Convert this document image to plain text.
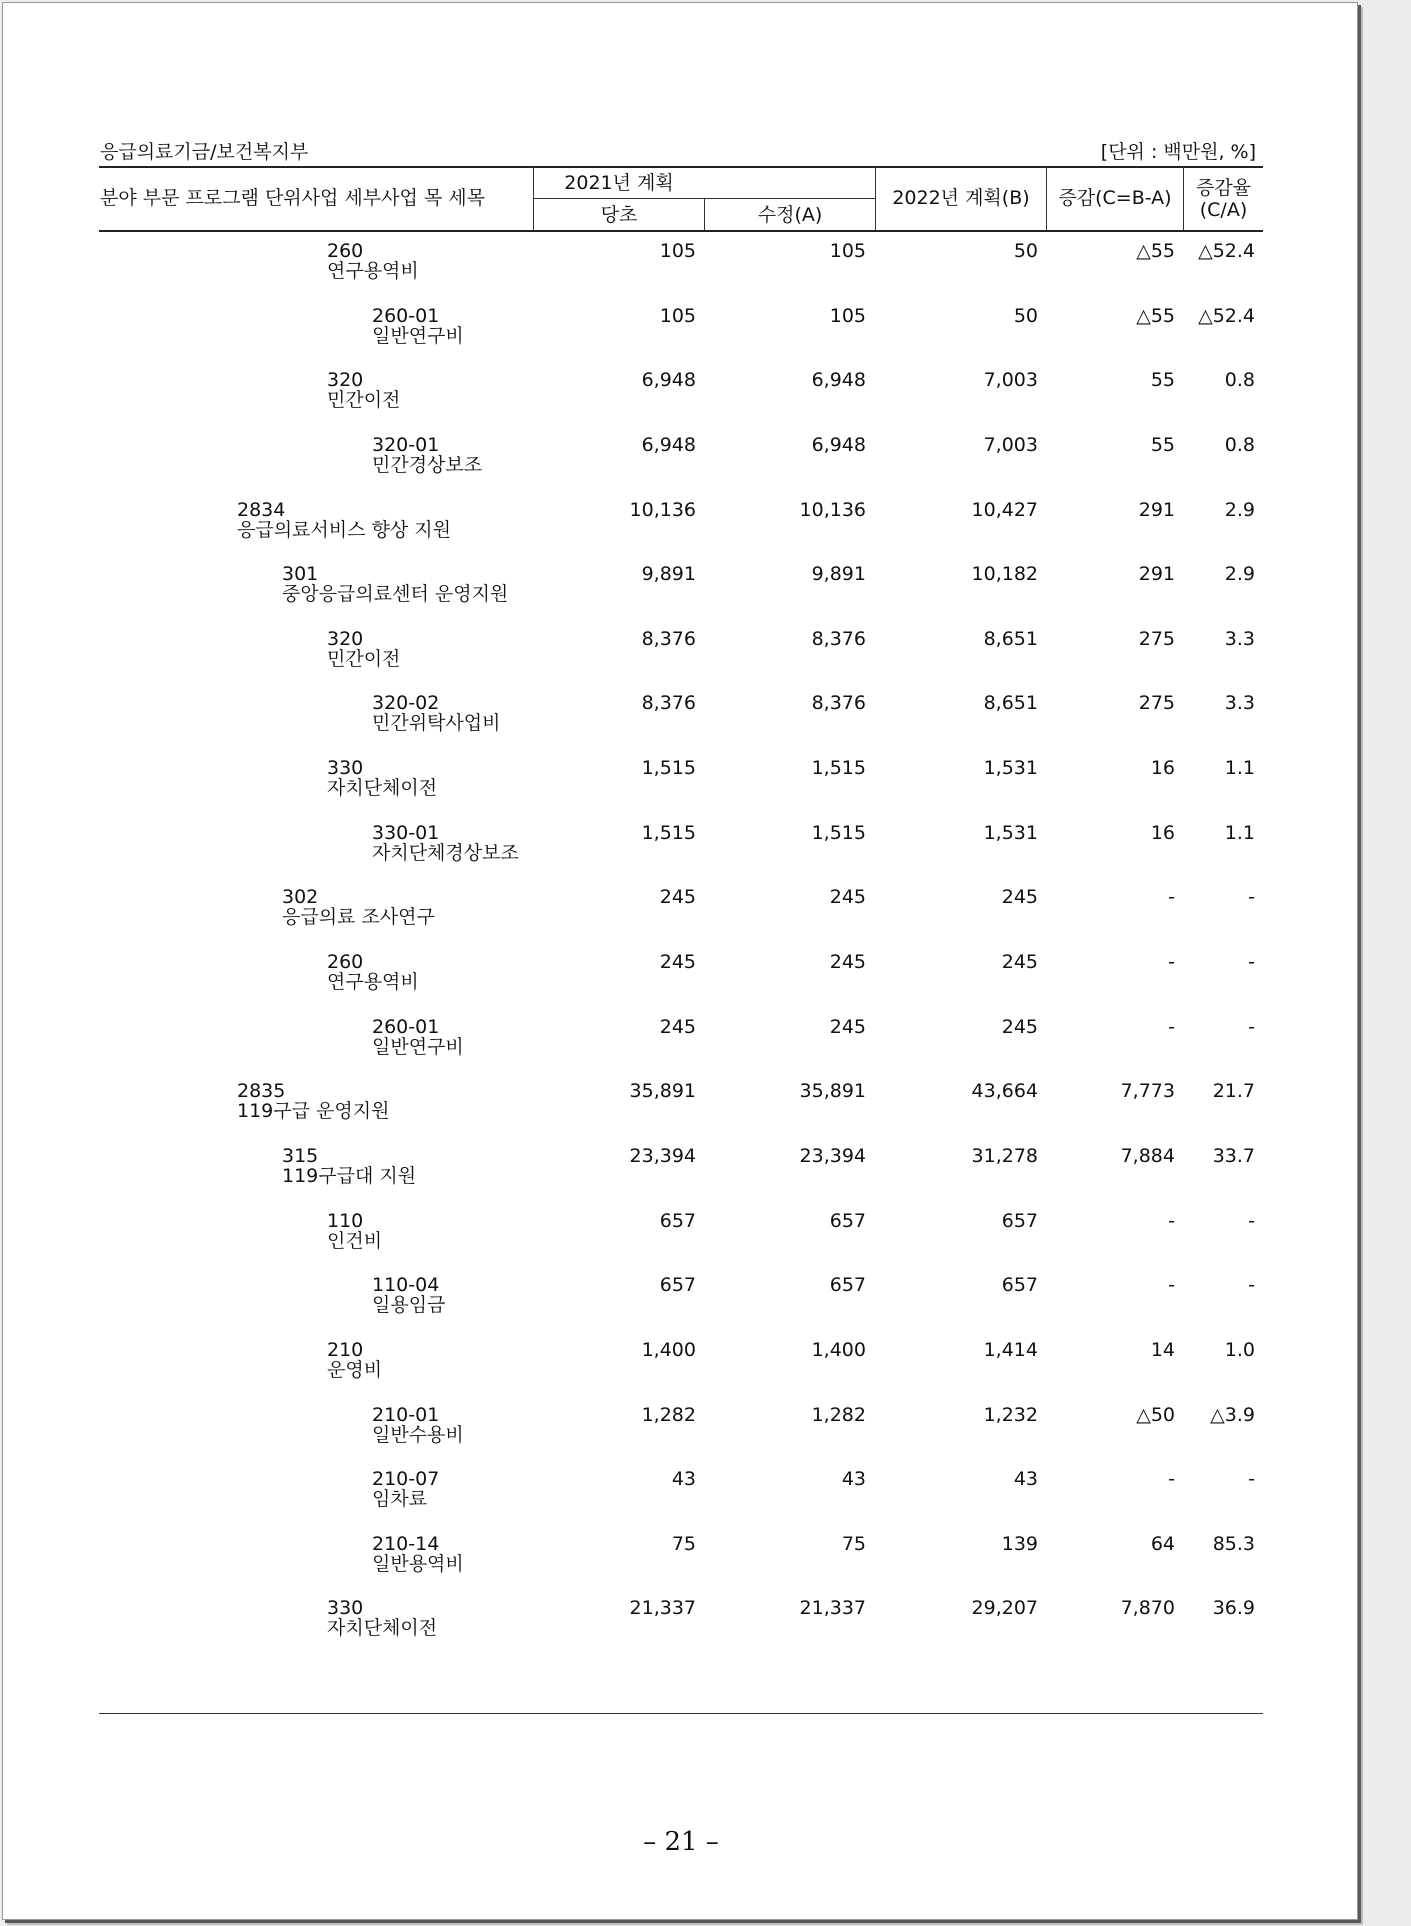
응급의료기금/보건복지부	[단위 : 백만원, %]
분야 부문 프로그램 단위사업 세부사업 목 세목
2021년 계획
당초	수정(A)
2022년 계획(B)	증감(C=B-A)	증감율
(C/A)
260
연구용역비
105	105	50	△55 △52.4
260-01
일반연구비
105	105	50	△55 △52.4
320
민간이전
6,948	6,948	7,003	55	0.8
320-01
민간경상보조
6,948	6,948	7,003	55	0.8
2834
응급의료서비스 향상 지원
10,136	10,136	10,427	291	2.9
301
중앙응급의료센터 운영지원
9,891	9,891	10,182	291	2.9
320
민간이전
8,376	8,376	8,651	275	3.3
320-02
민간위탁사업비
8,376	8,376	8,651	275	3.3
330
자치단체이전
1,515	1,515	1,531	16	1.1
330-01
자치단체경상보조
1,515	1,515	1,531	16	1.1
302
응급의료 조사연구
245	245	245	-	-
260
연구용역비
245	245	245	-	-
260-01
일반연구비
245	245	245	-	-
2835
119구급 운영지원
35,891	35,891	43,664	7,773 21.7
315
119구급대 지원
23,394	23,394	31,278	7,884 33.7
110
인건비
657	657	657	-	-
110-04
일용임금
657	657	657	-	-
210
운영비
1,400	1,400	1,414	14	1.0
210-01
일반수용비
1,282	1,282	1,232	△50 △3.9
210-07
임차료
43	43	43	-	-
210-14
일반용역비
75	75	139	64 85.3
330
자치단체이전
21,337	21,337	29,207	7,870 36.9
– 21 –
